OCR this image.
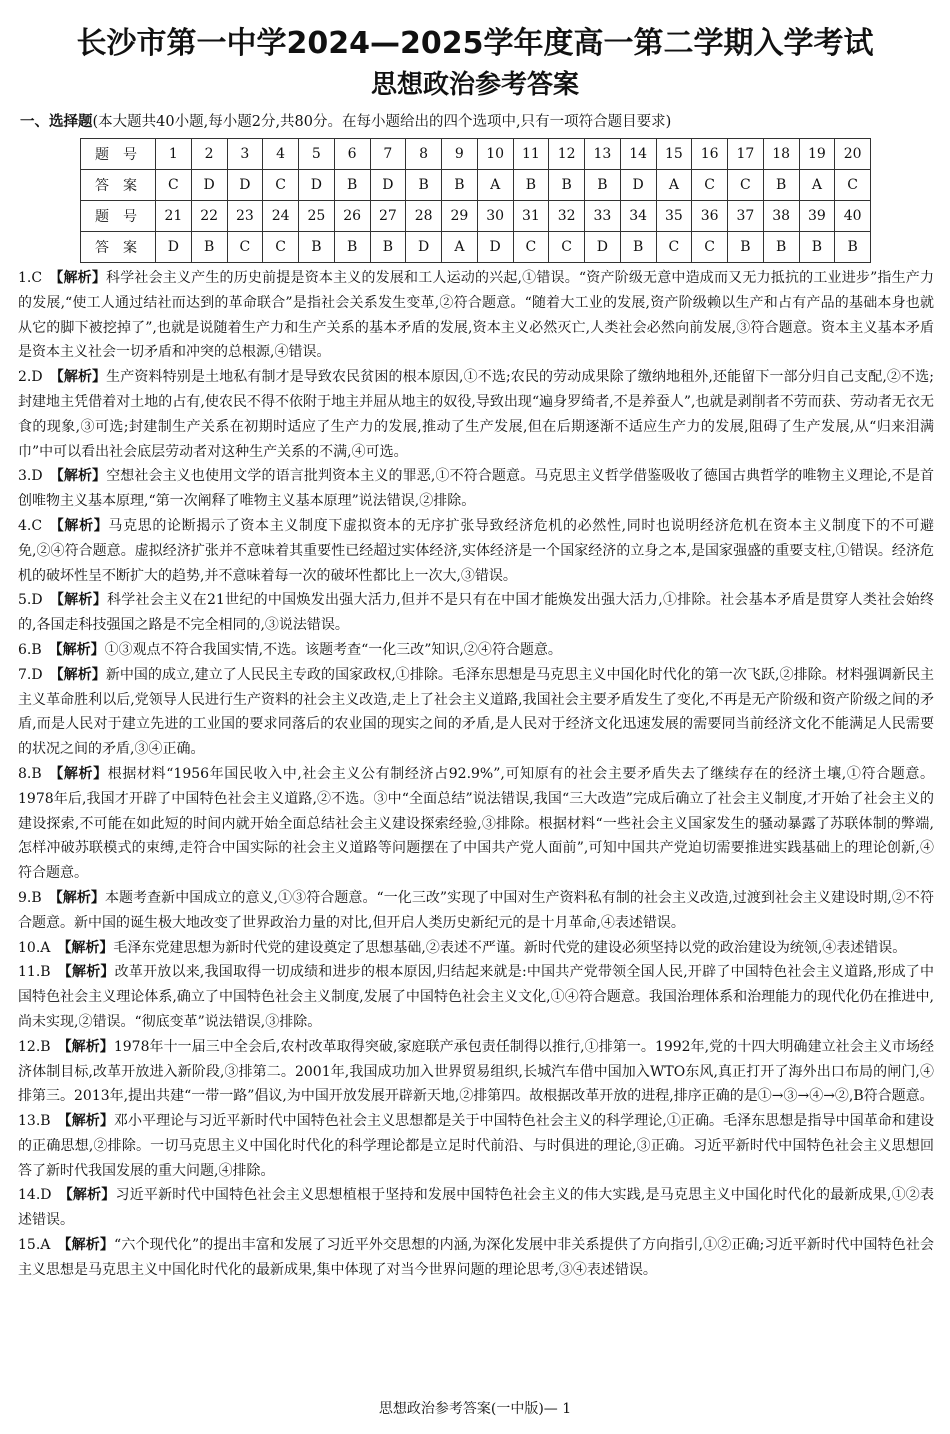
长沙市第一中学2024—2025学年度高一第二学期入学考试
思想政治参考答案
一、选择题(本大题共40小题,每小题2分,共80分。在每小题给出的四个选项中,只有一项符合题目要求)
题号	1	2	3	4	5	6	7	8	9	10	11	12	13	14	15	16	17	18	19	20
答案	C	D	D	C	D	B	D	B	B	A	B	B	B	D	A	C	C	B	A	C
题号	21	22	23	24	25	26	27	28	29	30	31	32	33	34	35	36	37	38	39	40
答案	D	B	C	C	B	B	B	D	A	D	C	C	D	B	C	C	B	B	B	B

1.C  【解析】科学社会主义产生的历史前提是资本主义的发展和工人运动的兴起,①错误。“资产阶级无意中造成而又无力抵抗的工业进步”指生产力的发展,“使工人通过结社而达到的革命联合”是指社会关系发生变革,②符合题意。“随着大工业的发展,资产阶级赖以生产和占有产品的基础本身也就从它的脚下被挖掉了”,也就是说随着生产力和生产关系的基本矛盾的发展,资本主义必然灭亡,人类社会必然向前发展,③符合题意。资本主义基本矛盾是资本主义社会一切矛盾和冲突的总根源,④错误。

2.D  【解析】生产资料特别是土地私有制才是导致农民贫困的根本原因,①不选;农民的劳动成果除了缴纳地租外,还能留下一部分归自己支配,②不选;封建地主凭借着对土地的占有,使农民不得不依附于地主并屈从地主的奴役,导致出现“遍身罗绮者,不是养蚕人”,也就是剥削者不劳而获、劳动者无衣无食的现象,③可选;封建制生产关系在初期时适应了生产力的发展,推动了生产发展,但在后期逐渐不适应生产力的发展,阻碍了生产发展,从“归来泪满巾”中可以看出社会底层劳动者对这种生产关系的不满,④可选。

3.D  【解析】空想社会主义也使用文学的语言批判资本主义的罪恶,①不符合题意。马克思主义哲学借鉴吸收了德国古典哲学的唯物主义理论,不是首创唯物主义基本原理,“第一次阐释了唯物主义基本原理”说法错误,②排除。

4.C  【解析】马克思的论断揭示了资本主义制度下虚拟资本的无序扩张导致经济危机的必然性,同时也说明经济危机在资本主义制度下的不可避免,②④符合题意。虚拟经济扩张并不意味着其重要性已经超过实体经济,实体经济是一个国家经济的立身之本,是国家强盛的重要支柱,①错误。经济危机的破坏性呈不断扩大的趋势,并不意味着每一次的破坏性都比上一次大,③错误。

5.D  【解析】科学社会主义在21世纪的中国焕发出强大活力,但并不是只有在中国才能焕发出强大活力,①排除。社会基本矛盾是贯穿人类社会始终的,各国走科技强国之路是不完全相同的,③说法错误。

6.B  【解析】①③观点不符合我国实情,不选。该题考查“一化三改”知识,②④符合题意。

7.D  【解析】新中国的成立,建立了人民民主专政的国家政权,①排除。毛泽东思想是马克思主义中国化时代化的第一次飞跃,②排除。材料强调新民主主义革命胜利以后,党领导人民进行生产资料的社会主义改造,走上了社会主义道路,我国社会主要矛盾发生了变化,不再是无产阶级和资产阶级之间的矛盾,而是人民对于建立先进的工业国的要求同落后的农业国的现实之间的矛盾,是人民对于经济文化迅速发展的需要同当前经济文化不能满足人民需要的状况之间的矛盾,③④正确。

8.B  【解析】根据材料“1956年国民收入中,社会主义公有制经济占92.9%”,可知原有的社会主要矛盾失去了继续存在的经济土壤,①符合题意。1978年后,我国才开辟了中国特色社会主义道路,②不选。③中“全面总结”说法错误,我国“三大改造”完成后确立了社会主义制度,才开始了社会主义的建设探索,不可能在如此短的时间内就开始全面总结社会主义建设探索经验,③排除。根据材料“一些社会主义国家发生的骚动暴露了苏联体制的弊端,怎样冲破苏联模式的束缚,走符合中国实际的社会主义道路等问题摆在了中国共产党人面前”,可知中国共产党迫切需要推进实践基础上的理论创新,④符合题意。

9.B  【解析】本题考查新中国成立的意义,①③符合题意。“一化三改”实现了中国对生产资料私有制的社会主义改造,过渡到社会主义建设时期,②不符合题意。新中国的诞生极大地改变了世界政治力量的对比,但开启人类历史新纪元的是十月革命,④表述错误。

10.A  【解析】毛泽东党建思想为新时代党的建设奠定了思想基础,②表述不严谨。新时代党的建设必须坚持以党的政治建设为统领,④表述错误。

11.B  【解析】改革开放以来,我国取得一切成绩和进步的根本原因,归结起来就是:中国共产党带领全国人民,开辟了中国特色社会主义道路,形成了中国特色社会主义理论体系,确立了中国特色社会主义制度,发展了中国特色社会主义文化,①④符合题意。我国治理体系和治理能力的现代化仍在推进中,尚未实现,②错误。“彻底变革”说法错误,③排除。

12.B  【解析】1978年十一届三中全会后,农村改革取得突破,家庭联产承包责任制得以推行,①排第一。1992年,党的十四大明确建立社会主义市场经济体制目标,改革开放进入新阶段,③排第二。2001年,我国成功加入世界贸易组织,长城汽车借中国加入WTO东风,真正打开了海外出口布局的闸门,④排第三。2013年,提出共建“一带一路”倡议,为中国开放发展开辟新天地,②排第四。故根据改革开放的进程,排序正确的是①→③→④→②,B符合题意。

13.B  【解析】邓小平理论与习近平新时代中国特色社会主义思想都是关于中国特色社会主义的科学理论,①正确。毛泽东思想是指导中国革命和建设的正确思想,②排除。一切马克思主义中国化时代化的科学理论都是立足时代前沿、与时俱进的理论,③正确。习近平新时代中国特色社会主义思想回答了新时代我国发展的重大问题,④排除。

14.D  【解析】习近平新时代中国特色社会主义思想植根于坚持和发展中国特色社会主义的伟大实践,是马克思主义中国化时代化的最新成果,①②表述错误。

15.A  【解析】“六个现代化”的提出丰富和发展了习近平外交思想的内涵,为深化发展中非关系提供了方向指引,①②正确;习近平新时代中国特色社会主义思想是马克思主义中国化时代化的最新成果,集中体现了对当今世界问题的理论思考,③④表述错误。

思想政治参考答案(一中版)— 1
